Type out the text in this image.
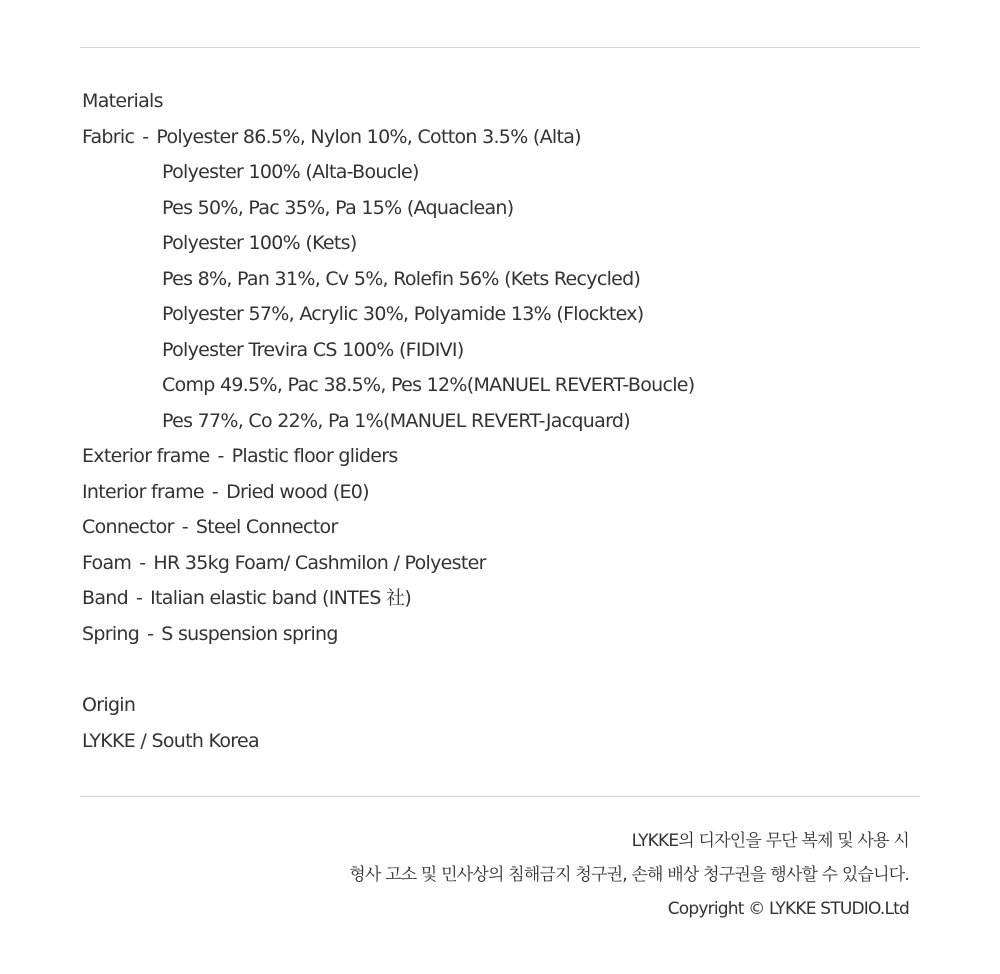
Materials
Fabric - Polyester 86.5%, Nylon 10%, Cotton 3.5% (Alta)
Polyester 100% (Alta-Boucle)
Pes 50%, Pac 35%, Pa 15% (Aquaclean)
Polyester 100% (Kets)
Pes 8%, Pan 31%, Cv 5%, Rolefin 56% (Kets Recycled)
Polyester 57%, Acrylic 30%, Polyamide 13% (Flocktex)
Polyester Trevira CS 100% (FIDIVI)
Comp 49.5%, Pac 38.5%, Pes 12%(MANUEL REVERT-Boucle)
Pes 77%, Co 22%, Pa 1%(MANUEL REVERT-Jacquard)
Exterior frame - Plastic floor gliders
Interior frame - Dried wood (E0)
Connector - Steel Connector
Foam - HR 35kg Foam/ Cashmilon / Polyester
Band - Italian elastic band (INTES 社)
Spring - S suspension spring
Origin
LYKKE / South Korea
LYKKE의 디자인을 무단 복제 및 사용 시
형사 고소 및 민사상의 침해금지 청구권, 손해 배상 청구권을 행사할 수 있습니다.
Copyright © LYKKE STUDIO.Ltd
